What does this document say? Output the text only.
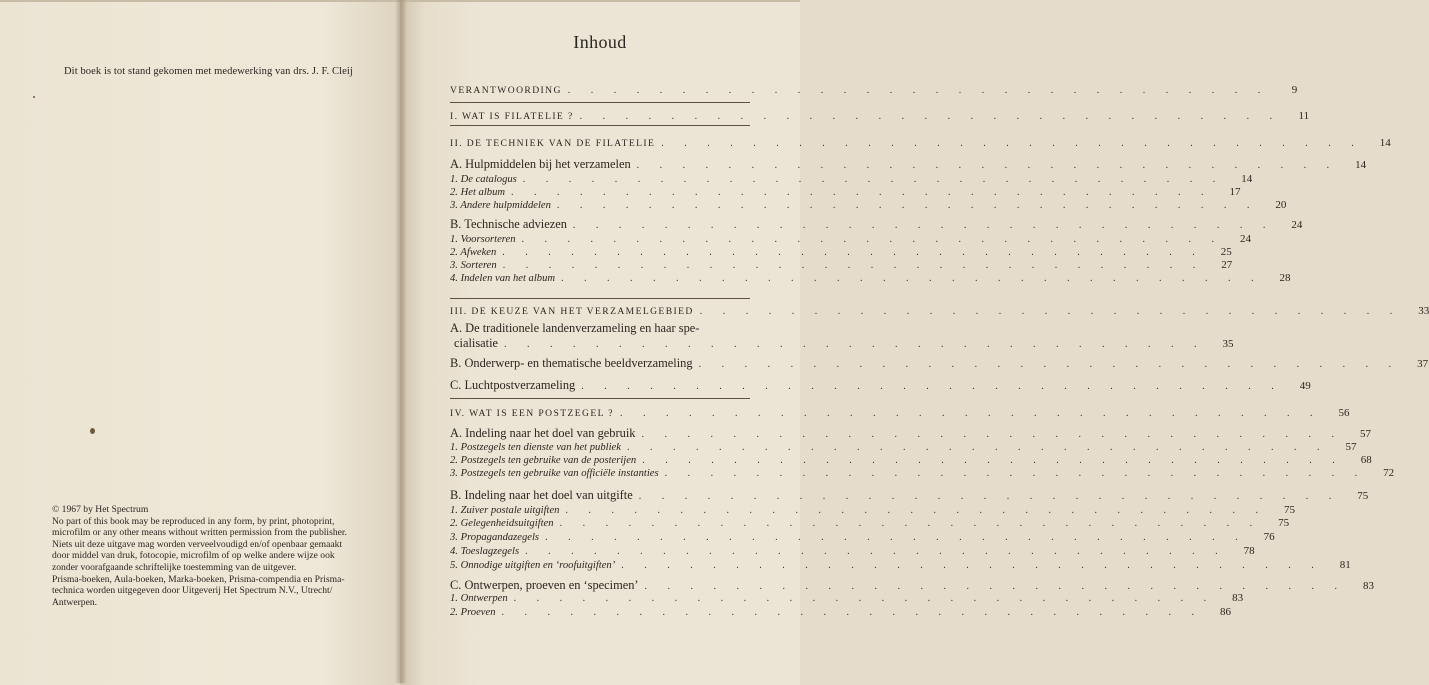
Dit boek is tot stand gekomen met medewerking van drs. J. F. Cleij
© 1967 by Het Spectrum
No part of this book may be reproduced in any form, by print, photoprint,
microfilm or any other means without written permission from the publisher.
Niets uit deze uitgave mag worden verveelvoudigd en/of openbaar gemaakt
door middel van druk, fotocopie, microfilm of op welke andere wijze ook
zonder voorafgaande schriftelijke toestemming van de uitgever.
Prisma-boeken, Aula-boeken, Marka-boeken, Prisma-compendia en Prisma-
technica worden uitgegeven door Uitgeverij Het Spectrum N.V., Utrecht/
Antwerpen.
Inhoud
VERANTWOORDING . . . . . . . . . . . . . . . . . . . . . . . . . . . . . . .	9
I. WAT IS FILATELIE ? . . . . . . . . . . . . . . . . . . . . . . . . . . . . . . .	11
II. DE TECHNIEK VAN DE FILATELIE . . . . . . . . . . . . . . . . . . . . . . . . . . . . . . .	14
A. Hulpmiddelen bij het verzamelen . . . . . . . . . . . . . . . . . . . . . . . . . . . . . . .	14
1. De catalogus . . . . . . . . . . . . . . . . . . . . . . . . . . . . . . .	14
2. Het album . . . . . . . . . . . . . . . . . . . . . . . . . . . . . . .	17
3. Andere hulpmiddelen . . . . . . . . . . . . . . . . . . . . . . . . . . . . . . .	20
B. Technische adviezen . . . . . . . . . . . . . . . . . . . . . . . . . . . . . . .	24
1. Voorsorteren . . . . . . . . . . . . . . . . . . . . . . . . . . . . . . .	24
2. Afweken . . . . . . . . . . . . . . . . . . . . . . . . . . . . . . .	25
3. Sorteren . . . . . . . . . . . . . . . . . . . . . . . . . . . . . . .	27
4. Indelen van het album . . . . . . . . . . . . . . . . . . . . . . . . . . . . . . .	28
III. DE KEUZE VAN HET VERZAMELGEBIED . . . . . . . . . . . . . . . . . . . . . . . . . . . . . . .	33
A. De traditionele landenverzameling en haar spe-
cialisatie . . . . . . . . . . . . . . . . . . . . . . . . . . . . . . .	35
B. Onderwerp- en thematische beeldverzameling . . . . . . . . . . . . . . . . . . . . . . . . . . . . . . .	37
C. Luchtpostverzameling . . . . . . . . . . . . . . . . . . . . . . . . . . . . . . .	49
IV. WAT IS EEN POSTZEGEL ? . . . . . . . . . . . . . . . . . . . . . . . . . . . . . . .	56
A. Indeling naar het doel van gebruik . . . . . . . . . . . . . . . . . . . . . . . . . . . . . . .	57
1. Postzegels ten dienste van het publiek . . . . . . . . . . . . . . . . . . . . . . . . . . . . . . .	57
2. Postzegels ten gebruike van de posterijen . . . . . . . . . . . . . . . . . . . . . . . . . . . . . . .	68
3. Postzegels ten gebruike van officiële instanties . . . . . . . . . . . . . . . . . . . . . . . . . . . . . . .	72
B. Indeling naar het doel van uitgifte . . . . . . . . . . . . . . . . . . . . . . . . . . . . . . .	75
1. Zuiver postale uitgiften . . . . . . . . . . . . . . . . . . . . . . . . . . . . . . .	75
2. Gelegenheidsuitgiften . . . . . . . . . . . . . . . . . . . . . . . . . . . . . . .	75
3. Propagandazegels . . . . . . . . . . . . . . . . . . . . . . . . . . . . . . .	76
4. Toeslagzegels . . . . . . . . . . . . . . . . . . . . . . . . . . . . . . .	78
5. Onnodige uitgiften en ‘roofuitgiften’ . . . . . . . . . . . . . . . . . . . . . . . . . . . . . . .	81
C. Ontwerpen, proeven en ‘specimen’ . . . . . . . . . . . . . . . . . . . . . . . . . . . . . . .	83
1. Ontwerpen . . . . . . . . . . . . . . . . . . . . . . . . . . . . . . .	83
2. Proeven . . . . . . . . . . . . . . . . . . . . . . . . . . . . . . .	86
